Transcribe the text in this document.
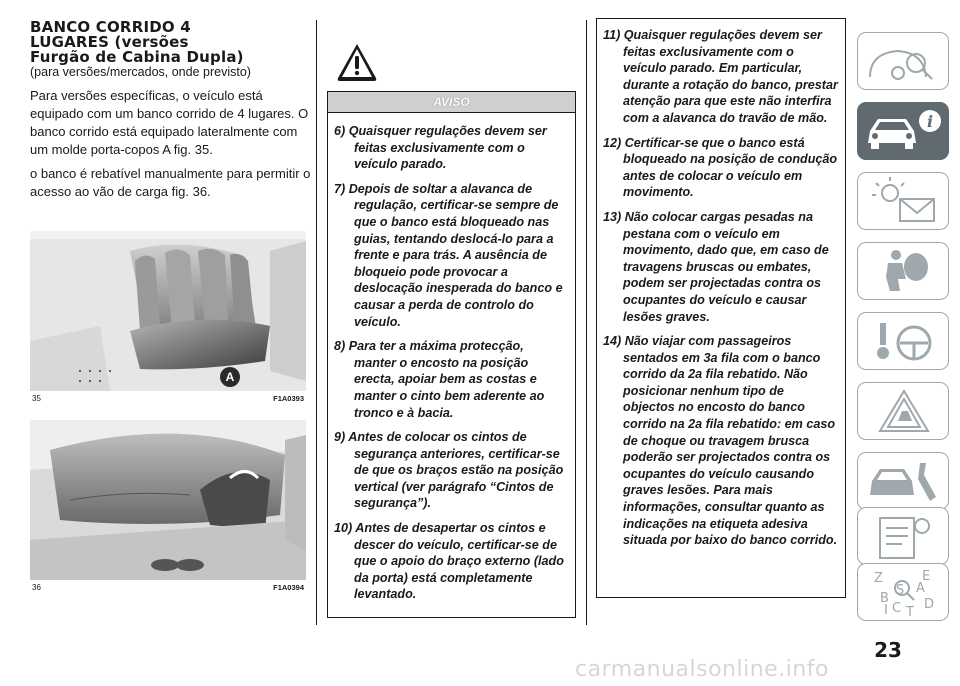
BANCO CORRIDO 4

LUGARES (versões

Furgão de Cabina Dupla)

(para versões/mercados, onde previsto)

Para versões específicas, o veículo está equipado com um banco corrido de 4 lugares. O banco corrido está equipado lateralmente com um molde porta-copos A fig. 35.

o banco é rebatível manualmente para permitir o acesso ao vão de carga fig. 36.

A
35	F1A0393
36	F1A0394
AVISO

6) Quaisquer regulações devem ser feitas exclusivamente com o veículo parado.

7) Depois de soltar a alavanca de regulação, certificar-se sempre de que o banco está bloqueado nas guias, tentando deslocá-lo para a frente e para trás. A ausência de bloqueio pode provocar a deslocação inesperada do banco e causar a perda de controlo do veículo.

8) Para ter a máxima protecção, manter o encosto na posição erecta, apoiar bem as costas e manter o cinto bem aderente ao tronco e à bacia.

9) Antes de colocar os cintos de segurança anteriores, certificar-se de que os braços estão na posição vertical (ver parágrafo “Cintos de segurança”).

10) Antes de desapertar os cintos e descer do veículo, certificar-se de que o apoio do braço externo (lado da porta) está completamente levantado.

11) Quaisquer regulações devem ser feitas exclusivamente com o veículo parado. Em particular, durante a rotação do banco, prestar atenção para que este não interfira com a alavanca do travão de mão.

12) Certificar-se que o banco está bloqueado na posição de condução antes de colocar o veículo em movimento.

13) Não colocar cargas pesadas na pestana com o veículo em movimento, dado que, em caso de travagens bruscas ou embates, podem ser projectadas contra os ocupantes do veículo e causar lesões graves.

14) Não viajar com passageiros sentados em 3a fila com o banco corrido da 2a fila rebatido. Não posicionar nenhum tipo de objectos no encosto do banco corrido na 2a fila rebatido: em caso de choque ou travagem brusca poderão ser projectados contra os ocupantes do veículo causando graves lesões. Para mais informações, consultar quanto as indicações na etiqueta adesiva situada por baixo do banco corrido.

i
Z	E
A
S
B
C T
D
I
23
carmanualsonline.info
